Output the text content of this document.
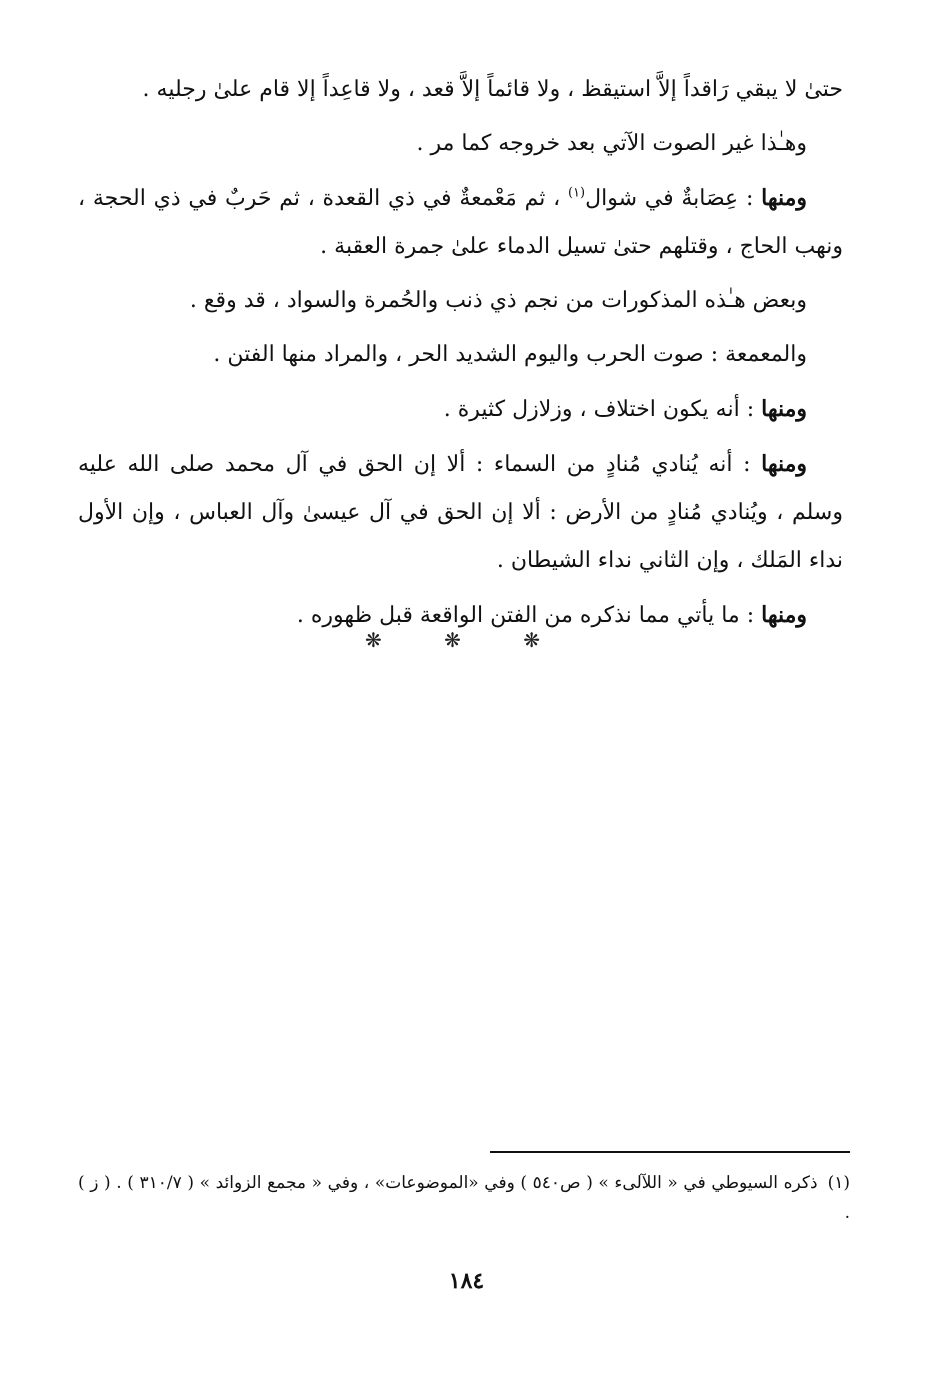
حتىٰ لا يبقي رَاقداً إلاَّ استيقظ ، ولا قائماً إلاَّ قعد ، ولا قاعِداً إلا قام علىٰ رجليه .

وهـٰذا غير الصوت الآتي بعد خروجه كما مر .

ومنها : عِصَابةٌ في شوال$^{(١)}$ ، ثم مَعْمعةٌ في ذي القعدة ، ثم حَربٌ في ذي الحجة ، ونهب الحاج ، وقتلهم حتىٰ تسيل الدماء علىٰ جمرة العقبة .

وبعض هـٰذه المذكورات من نجم ذي ذنب والحُمرة والسواد ، قد وقع .

والمعمعة : صوت الحرب واليوم الشديد الحر ، والمراد منها الفتن .

ومنها : أنه يكون اختلاف ، وزلازل كثيرة .

ومنها : أنه يُنادي مُنادٍ من السماء : ألا إن الحق في آل محمد صلى الله عليه وسلم ، ويُنادي مُنادٍ من الأرض : ألا إن الحق في آل عيسىٰ وآل العباس ، وإن الأول نداء المَلك ، وإن الثاني نداء الشيطان .

ومنها : ما يأتي مما نذكره من الفتن الواقعة قبل ظهوره .

❋ ❋ ❋

(١)ذكره السيوطي في « اللآلىء » ( ص٥٤٠ ) وفي «الموضوعات» ، وفي « مجمع الزوائد » ( ٣١٠/٧ ) . ( ز ) .

١٨٤
